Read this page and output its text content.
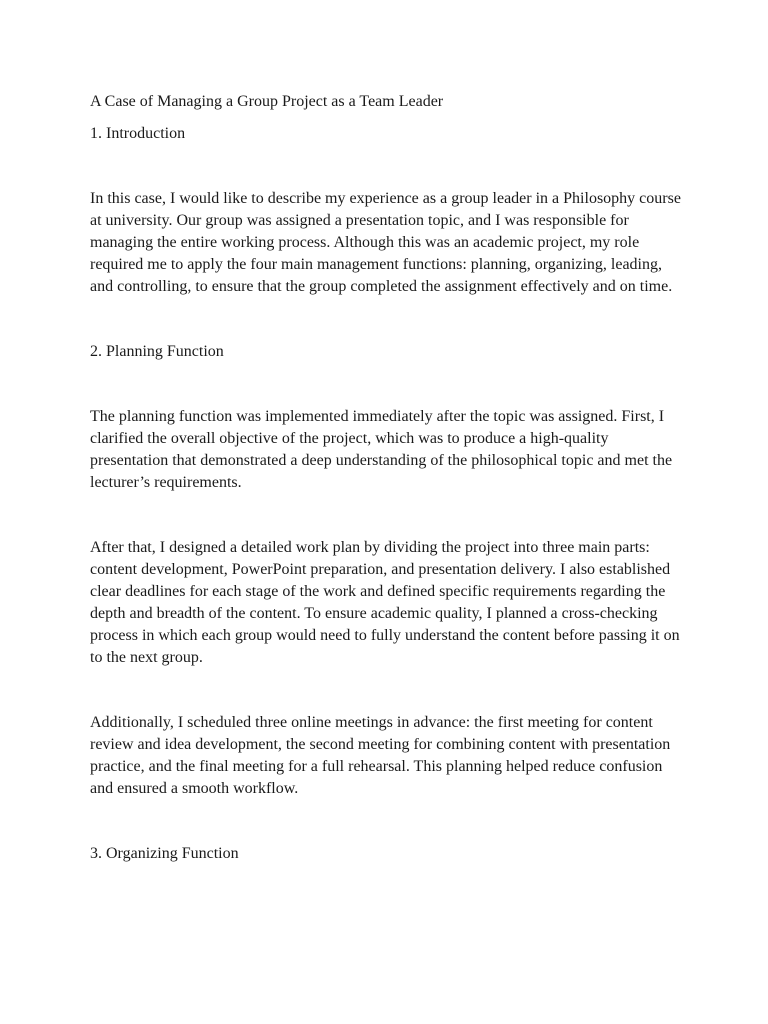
A Case of Managing a Group Project as a Team Leader
1. Introduction

In this case, I would like to describe my experience as a group leader in a Philosophy course at university. Our group was assigned a presentation topic, and I was responsible for managing the entire working process. Although this was an academic project, my role required me to apply the four main management functions: planning, organizing, leading, and controlling, to ensure that the group completed the assignment effectively and on time.

2. Planning Function

The planning function was implemented immediately after the topic was assigned. First, I clarified the overall objective of the project, which was to produce a high-quality presentation that demonstrated a deep understanding of the philosophical topic and met the lecturer’s requirements.

After that, I designed a detailed work plan by dividing the project into three main parts: content development, PowerPoint preparation, and presentation delivery. I also established clear deadlines for each stage of the work and defined specific requirements regarding the depth and breadth of the content. To ensure academic quality, I planned a cross-checking process in which each group would need to fully understand the content before passing it on to the next group.

Additionally, I scheduled three online meetings in advance: the first meeting for content review and idea development, the second meeting for combining content with presentation practice, and the final meeting for a full rehearsal. This planning helped reduce confusion and ensured a smooth workflow.

3. Organizing Function
